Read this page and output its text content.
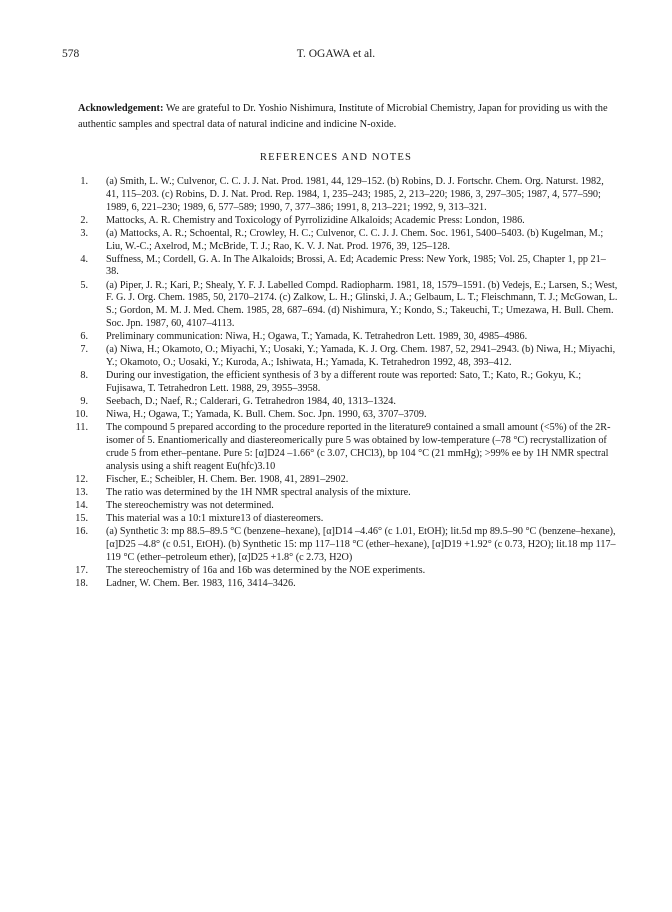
578	T. OGAWA et al.
Acknowledgement: We are grateful to Dr. Yoshio Nishimura, Institute of Microbial Chemistry, Japan for providing us with the authentic samples and spectral data of natural indicine and indicine N-oxide.
REFERENCES AND NOTES
1. (a) Smith, L. W.; Culvenor, C. C. J. J. Nat. Prod. 1981, 44, 129–152. (b) Robins, D. J. Fortschr. Chem. Org. Naturst. 1982, 41, 115–203. (c) Robins, D. J. Nat. Prod. Rep. 1984, 1, 235–243; 1985, 2, 213–220; 1986, 3, 297–305; 1987, 4, 577–590; 1989, 6, 221–230; 1989, 6, 577–589; 1990, 7, 377–386; 1991, 8, 213–221; 1992, 9, 313–321.
2. Mattocks, A. R. Chemistry and Toxicology of Pyrrolizidine Alkaloids; Academic Press: London, 1986.
3. (a) Mattocks, A. R.; Schoental, R.; Crowley, H. C.; Culvenor, C. C. J. J. Chem. Soc. 1961, 5400–5403. (b) Kugelman, M.; Liu, W.-C.; Axelrod, M.; McBride, T. J.; Rao, K. V. J. Nat. Prod. 1976, 39, 125–128.
4. Suffness, M.; Cordell, G. A. In The Alkaloids; Brossi, A. Ed; Academic Press: New York, 1985; Vol. 25, Chapter 1, pp 21–38.
5. (a) Piper, J. R.; Kari, P.; Shealy, Y. F. J. Labelled Compd. Radiopharm. 1981, 18, 1579–1591. (b) Vedejs, E.; Larsen, S.; West, F. G. J. Org. Chem. 1985, 50, 2170–2174. (c) Zalkow, L. H.; Glinski, J. A.; Gelbaum, L. T.; Fleischmann, T. J.; McGowan, L. S.; Gordon, M. M. J. Med. Chem. 1985, 28, 687–694. (d) Nishimura, Y.; Kondo, S.; Takeuchi, T.; Umezawa, H. Bull. Chem. Soc. Jpn. 1987, 60, 4107–4113.
6. Preliminary communication: Niwa, H.; Ogawa, T.; Yamada, K. Tetrahedron Lett. 1989, 30, 4985–4986.
7. (a) Niwa, H.; Okamoto, O.; Miyachi, Y.; Uosaki, Y.; Yamada, K. J. Org. Chem. 1987, 52, 2941–2943. (b) Niwa, H.; Miyachi, Y.; Okamoto, O.; Uosaki, Y.; Kuroda, A.; Ishiwata, H.; Yamada, K. Tetrahedron 1992, 48, 393–412.
8. During our investigation, the efficient synthesis of 3 by a different route was reported: Sato, T.; Kato, R.; Gokyu, K.; Fujisawa, T. Tetrahedron Lett. 1988, 29, 3955–3958.
9. Seebach, D.; Naef, R.; Calderari, G. Tetrahedron 1984, 40, 1313–1324.
10. Niwa, H.; Ogawa, T.; Yamada, K. Bull. Chem. Soc. Jpn. 1990, 63, 3707–3709.
11. The compound 5 prepared according to the procedure reported in the literature9 contained a small amount (<5%) of the 2R-isomer of 5. Enantiomerically and diastereomerically pure 5 was obtained by low-temperature (–78 °C) recrystallization of crude 5 from ether–pentane. Pure 5: [α]D24 –1.66° (c 3.07, CHCl3), bp 104 °C (21 mmHg); >99% ee by 1H NMR spectral analysis using a shift reagent Eu(hfc)3.10
12. Fischer, E.; Scheibler, H. Chem. Ber. 1908, 41, 2891–2902.
13. The ratio was determined by the 1H NMR spectral analysis of the mixture.
14. The stereochemistry was not determined.
15. This material was a 10:1 mixture13 of diastereomers.
16. (a) Synthetic 3: mp 88.5–89.5 °C (benzene–hexane), [α]D14 –4.46° (c 1.01, EtOH); lit.5d mp 89.5–90 °C (benzene–hexane), [α]D25 –4.8° (c 0.51, EtOH). (b) Synthetic 15: mp 117–118 °C (ether–hexane), [α]D19 +1.92° (c 0.73, H2O); lit.18 mp 117–119 °C (ether–petroleum ether), [α]D25 +1.8° (c 2.73, H2O)
17. The stereochemistry of 16a and 16b was determined by the NOE experiments.
18. Ladner, W. Chem. Ber. 1983, 116, 3414–3426.
